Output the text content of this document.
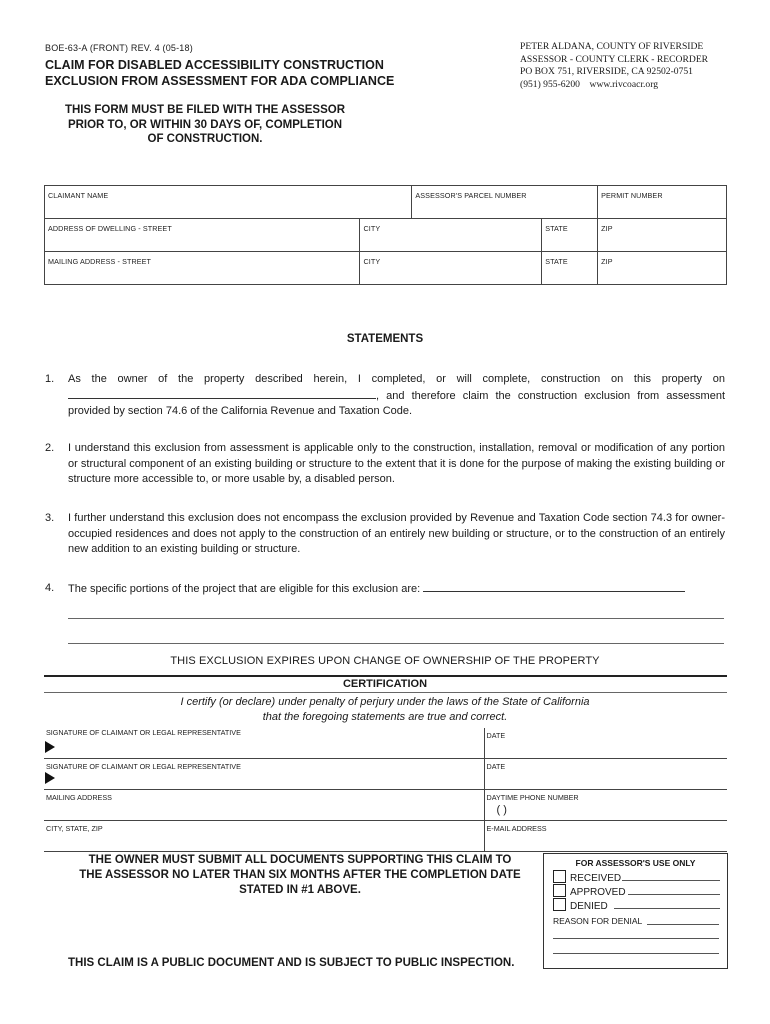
BOE-63-A (FRONT) REV. 4 (05-18)
CLAIM FOR DISABLED ACCESSIBILITY CONSTRUCTION
EXCLUSION FROM ASSESSMENT FOR ADA COMPLIANCE
PETER ALDANA, COUNTY OF RIVERSIDE
ASSESSOR - COUNTY CLERK - RECORDER
PO BOX 751, RIVERSIDE, CA 92502-0751
(951) 955-6200 www.rivcoacr.org
THIS FORM MUST BE FILED WITH THE ASSESSOR
PRIOR TO, OR WITHIN 30 DAYS OF, COMPLETION
OF CONSTRUCTION.
CLAIMANT NAME		ASSESSOR'S PARCEL NUMBER		PERMIT NUMBER

ADDRESS OF DWELLING - STREET	CITY		STATE	ZIP

MAILING ADDRESS - STREET	CITY		STATE	ZIP
STATEMENTS
1. As the owner of the property described herein, I completed, or will complete, construction on this property on , and therefore claim the construction exclusion from assessment provided by section 74.6 of the California Revenue and Taxation Code.
2. I understand this exclusion from assessment is applicable only to the construction, installation, removal or modification of any portion or structural component of an existing building or structure to the extent that it is done for the purpose of making the existing building or structure more accessible to, or more usable by, a disabled person.
3. I further understand this exclusion does not encompass the exclusion provided by Revenue and Taxation Code section 74.3 for owner-occupied residences and does not apply to the construction of an entirely new building or structure, or to the construction of an entirely new addition to an existing building or structure.
4. The specific portions of the project that are eligible for this exclusion are:
THIS EXCLUSION EXPIRES UPON CHANGE OF OWNERSHIP OF THE PROPERTY
CERTIFICATION
I certify (or declare) under penalty of perjury under the laws of the State of California
that the foregoing statements are true and correct.
SIGNATURE OF CLAIMANT OR LEGAL REPRESENTATIVE	DATE

SIGNATURE OF CLAIMANT OR LEGAL REPRESENTATIVE	DATE

MAILING ADDRESS	DAYTIME PHONE NUMBER
( )

CITY, STATE, ZIP	E-MAIL ADDRESS
THE OWNER MUST SUBMIT ALL DOCUMENTS SUPPORTING THIS CLAIM TO
THE ASSESSOR NO LATER THAN SIX MONTHS AFTER THE COMPLETION DATE
STATED IN #1 ABOVE.
FOR ASSESSOR'S USE ONLY
RECEIVED
APPROVED
DENIED
REASON FOR DENIAL
THIS CLAIM IS A PUBLIC DOCUMENT AND IS SUBJECT TO PUBLIC INSPECTION.
